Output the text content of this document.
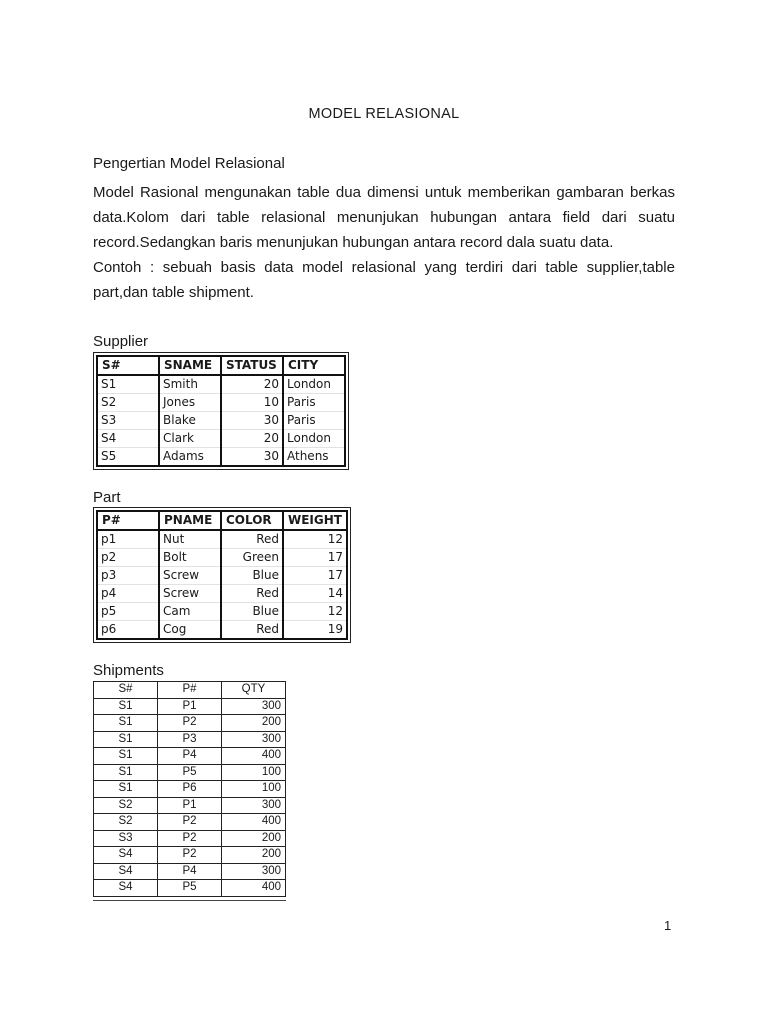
MODEL RELASIONAL
Pengertian Model Relasional

Model Rasional mengunakan table dua dimensi untuk memberikan gambaran berkas data.Kolom dari table relasional menunjukan hubungan antara field dari suatu record.Sedangkan baris menunjukan hubungan antara record dala suatu data.

Contoh : sebuah basis data model relasional yang terdiri dari table supplier,table part,dan table shipment.

Supplier
S#	SNAME	STATUS	CITY
S1	Smith	20	London
S2	Jones	10	Paris
S3	Blake	30	Paris
S4	Clark	20	London
S5	Adams	30	Athens
Part
P#	PNAME	COLOR	WEIGHT
p1	Nut	Red	12
p2	Bolt	Green	17
p3	Screw	Blue	17
p4	Screw	Red	14
p5	Cam	Blue	12
p6	Cog	Red	19
Shipments
S#	P#	QTY
S1	P1	300
S1	P2	200
S1	P3	300
S1	P4	400
S1	P5	100
S1	P6	100
S2	P1	300
S2	P2	400
S3	P2	200
S4	P2	200
S4	P4	300
S4	P5	400
1
